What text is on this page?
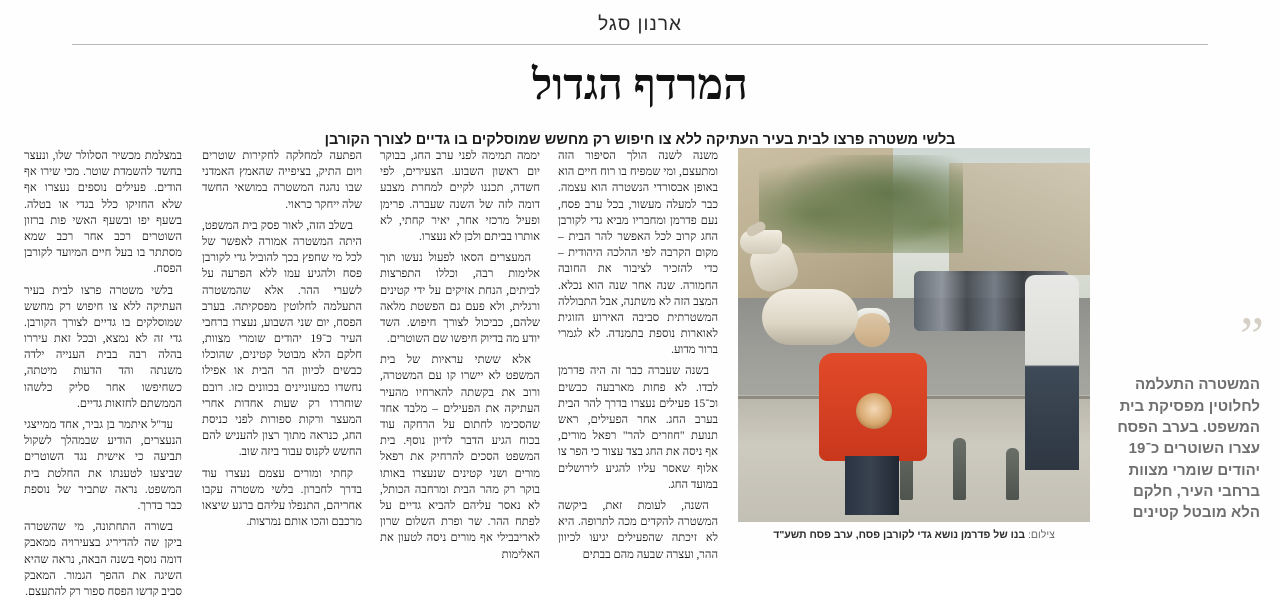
ארנון סגל
המרדף הגדול
בלשי משטרה פרצו לבית בעיר העתיקה ללא צו חיפוש רק מחשש שמוסלקים בו גדיים לצורך הקורבן
”
המשטרה התעלמה לחלוטין מפסיקת בית המשפט. בערב הפסח עצרו השוטרים כ־19 יהודים שומרי מצוות ברחבי העיר, חלקם הלא מובטל קטינים
צילום: בנו של פדרמן נושא גדי לקורבן פסח, ערב פסח תשע"ד

במצלמת מכשיר הסלולר שלו, ונעצר בחשד להשמדת שוטר. מכי שירו אף הודים. פעילים נוספים נעצרו אף שלא החזיקו כלל בגדי או בטלה. בשעף יפו ובשעף האשי פות ברזון השוטרים רכב אחר רכב שמא מסתתר בו בעל חיים המיועד לקורבן הפסח.

בלשי משטרה פרצו לבית בעיר העתיקה ללא צו חיפוש רק מחשש שמוסלקים בו גדיים לצורך הקורבן. גדי זה לא נמצא, ובכל זאת עיררו בהלה רבה בבית הענייה ילדה משנתה והד הדעות מיטתה, כשחיפשו אחר סליק כלשהו הממשתם לחזאות גדיים.

עד"ל איתמר בן גביר, אחד ממייצגי הנעצרים, הודיע שבמהלך לשקול תביעה כי אישית נגד השוטרים שביצעו לטענתו את החלטת בית המשפט. נראה שתביר של נוספת כבר בדרך.

בשורה התחתונה, מי שהשטרה ביקן שה להדיריג בצעירויה ממאבק דומה נוסף בשנה הבאה, נראה שהיא השיגה את ההפך הגמור. המאבק סביב קדשו הפסח ספור רק להתעצם.

הפתעה למחלקה לחקירות שוטרים ויום התיק, בציפייה שהאמץ האמדני שבו נהגה המשטרה במושאי החשד שלה ייחקר כראוי.

בשלב הזה, לאור פסק בית המשפט, היתה המשטרה אמורה לאפשר של לכל מי שחפץ בכך להוביל גדי לקורבן פסח ולהגיע עמו ללא הפרעה על לשערי ההר. אלא שהמשטרה התעלמה לחלוטין מפסקיתה. בערב הפסח, יום שני השבוע, נעצרו ברחבי העיר כ־19 יהודים שומרי מצוות, חלקם הלא מבוטל קטינים, שהוכלו כבשים לכיוון הר הבית או אפילו נחשדו כמעוניינים בכוונים כזו. רובם שוחררו רק שעות אחדות אחרי המעצר ורקות ספורות לפני כניסת החג, כנראה מתוך רצון להעניש להם החשש לקנוס עבור ביזה שוב.

קחתי ומורים עצמם נעצרו עוד בדרך לחברון. בלשי משטרה עקבו אחריהם, התנפלו עליהם ברגע שיצאו מרכבם והכו אותם נמרצות.

יממה תמימה לפני ערב החג, בבוקר יום ראשון השבוע. הצעירים, לפי חשדה, תכננו לקיים למחרת מצבע דומה לזה של השנה שעברה. פרימן ופעיל מרכזי אחר, יאיר קחתי, לא אותרו בביתם ולכן לא נעצרו.

המעצרים הסאו לפעול נעשו תוך אלימות רבה, וכללו התפרצות לביתים, הנחת אזיקים על ידי קטינים ורגלית, ולא פעם גם הפשטת מלאה שלהם, כביכול לצורך חיפוש. השד יודע מה בדיוק חיפשו שם השוטרים.

אלא ששתי עראיות של בית המשפט לא יישרו קו עם המשטרה, ורוב את בקשתה להארחיו מהעיר העתיקה את הפעילים – מלבד אחד שהסכימו לחתום על הרחקה עוד בכוח הגיע הדבר לדיון נוסף. בית המשפט הסכים להרחיק את רפאל מורים ושני קטינים שנעצרו באותו בוקר רק מהר הבית ומרחבה הכותל, לא נאסר עליהם להביא גדיים על לפתח ההר. שר ופרת השלום שרון לאריבבילי אף מורים ניסה לטעון את האלימות

משנה לשנה הולך הסיפור הזה ומתעצם, ומי שמפיח בו רוח חיים הוא באופן אבסורדי הנשטרה הוא עצמה. כבר למעלה מעשור, בכל ערב פסח, נעם פדרמן ומחבריו מביא גדי לקורבן החג קרוב לכל האפשר להר הבית – מקום הקרבה לפי ההלכה היהודית – כדי להזכיר לציבור את החובה החמורה. שנה אחר שנה הוא נכלא. המצב הזה לא משתנה, אבל התבוללה המשטרתית סביבה האירוע הזוגית לאוארות נוספת בתמנדה. לא לגמרי ברור מדוע.

בשנה שעברה כבר זה היה פדרמן לבדו. לא פחות מארבעה כבשים וכ־15 פעילים נעצרו בדרך להר הבית בערב החג. אחר הפעילים, ראש תנועת "חוזרים להר" רפאל מורים, אף ניסה את החג בצד עצור כי הפר צו אלוף שאסר עליו להגיע לירושלים במועד החג.

השנה, לעומת זאת, ביקשה המשטרה להקדים מכה לתרופה. היא לא זיכתה שהפעילים יגיעו לכיוון ההר, ועצרה שבעה מהם בבתים
